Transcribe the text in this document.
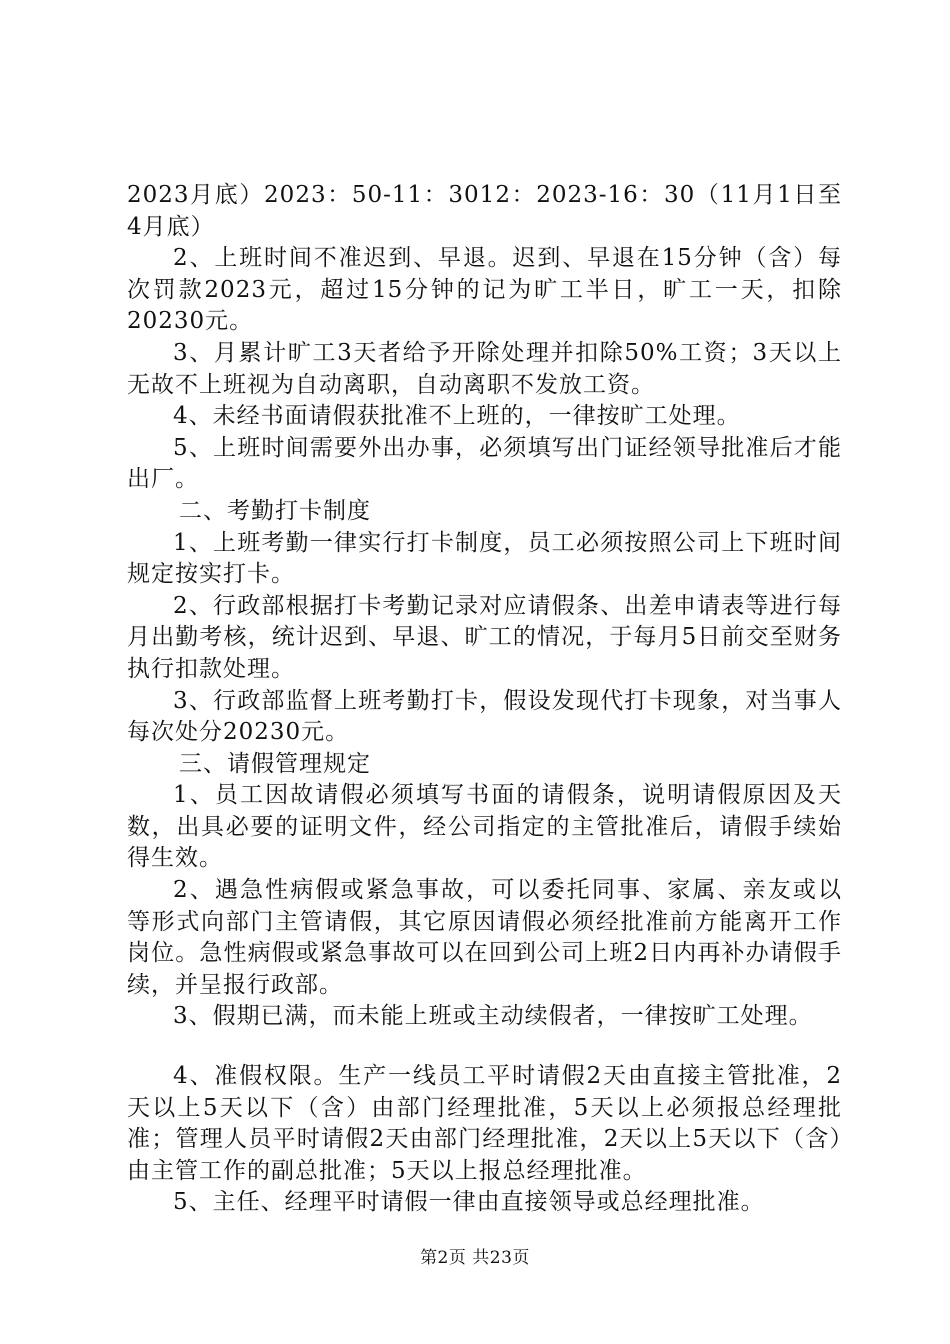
2023月底）2023：50-11：3012：2023-16：30（11月1日至4月底）

2、上班时间不准迟到、早退。迟到、早退在15分钟（含）每次罚款2023元，超过15分钟的记为旷工半日，旷工一天，扣除20230元。

3、月累计旷工3天者给予开除处理并扣除50%工资；3天以上无故不上班视为自动离职，自动离职不发放工资。

4、未经书面请假获批准不上班的，一律按旷工处理。

5、上班时间需要外出办事，必须填写出门证经领导批准后才能出厂。

二、考勤打卡制度

1、上班考勤一律实行打卡制度，员工必须按照公司上下班时间规定按实打卡。

2、行政部根据打卡考勤记录对应请假条、出差申请表等进行每月出勤考核，统计迟到、早退、旷工的情况，于每月5日前交至财务执行扣款处理。

3、行政部监督上班考勤打卡，假设发现代打卡现象，对当事人每次处分20230元。

三、请假管理规定

1、员工因故请假必须填写书面的请假条，说明请假原因及天数，出具必要的证明文件，经公司指定的主管批准后，请假手续始得生效。

2、遇急性病假或紧急事故，可以委托同事、家属、亲友或以　　等形式向部门主管请假，其它原因请假必须经批准前方能离开工作岗位。急性病假或紧急事故可以在回到公司上班2日内再补办请假手续，并呈报行政部。

3、假期已满，而未能上班或主动续假者，一律按旷工处理。

4、准假权限。生产一线员工平时请假2天由直接主管批准，2天以上5天以下（含）由部门经理批准，5天以上必须报总经理批准；管理人员平时请假2天由部门经理批准，2天以上5天以下（含）由主管工作的副总批准；5天以上报总经理批准。

5、主任、经理平时请假一律由直接领导或总经理批准。

第2页 共23页
